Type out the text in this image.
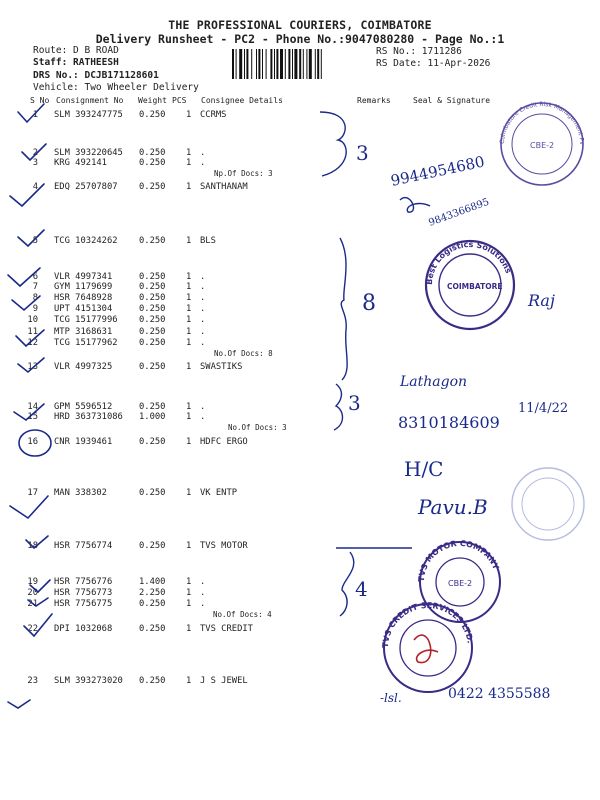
THE PROFESSIONAL COURIERS, COIMBATORE
Delivery Runsheet - PC2 - Phone No.:9047080280 - Page No.:1
Route: D B ROAD
Staff: RATHEESH
DRS No.: DCJB171128601
Vehicle: Two Wheeler Delivery
RS No.: 1711286
RS Date: 11-Apr-2026
S No Consignment No Weight PCS Consignee Details	Remarks	Seal & Signature
1 SLM 393247775 0.250 1 CCRMS
2 SLM 393220645 0.250 1 .
3 KRG 492141	0.250 1 .
4 EDQ 25707807 0.250 1 SANTHANAM
5 TCG 10324262 0.250 1 BLS
6 VLR 4997341	0.250 1 .
7 GYM 1179699	0.250 1 .
8 HSR 7648928	0.250 1 .
9 UPT 4151304	0.250 1 .
10 TCG 15177996 0.250 1 .
11 MTP 3168631	0.250 1 .
12 TCG 15177962 0.250 1 .
13 VLR 4997325	0.250 1 SWASTIKS
14 GPM 5596512	0.250 1 .
15 HRD 363731086 1.000 1 .
16 CNR 1939461	0.250 1 HDFC ERGO
17 MAN 338302	0.250 1 VK ENTP
18 HSR 7756774	0.250 1 TVS MOTOR
19 HSR 7756776	1.400 1 .
20 HSR 7756773	2.250 1 .
21 HSR 7756775	0.250 1 .
22 DPI 1032068	0.250 1 TVS CREDIT
23 SLM 393273020 0.250 1 J S JEWEL
Np.Of Docs: 3
No.Of Docs: 8
No.Of Docs: 3
No.Of Docs: 4
3
8
3
4
9944954680
9843366895
Raj
Lathagon
8310184609
11/4/22
H/C
Pavu.B
-lsl.	0422 4355588
Coimbatore Credit Risk Management Pv
CBE-2
Best Logistics Solutions
COIMBATORE
TVS MOTOR COMPANY
CBE-2
TVS CREDIT SERVICES LTD.
